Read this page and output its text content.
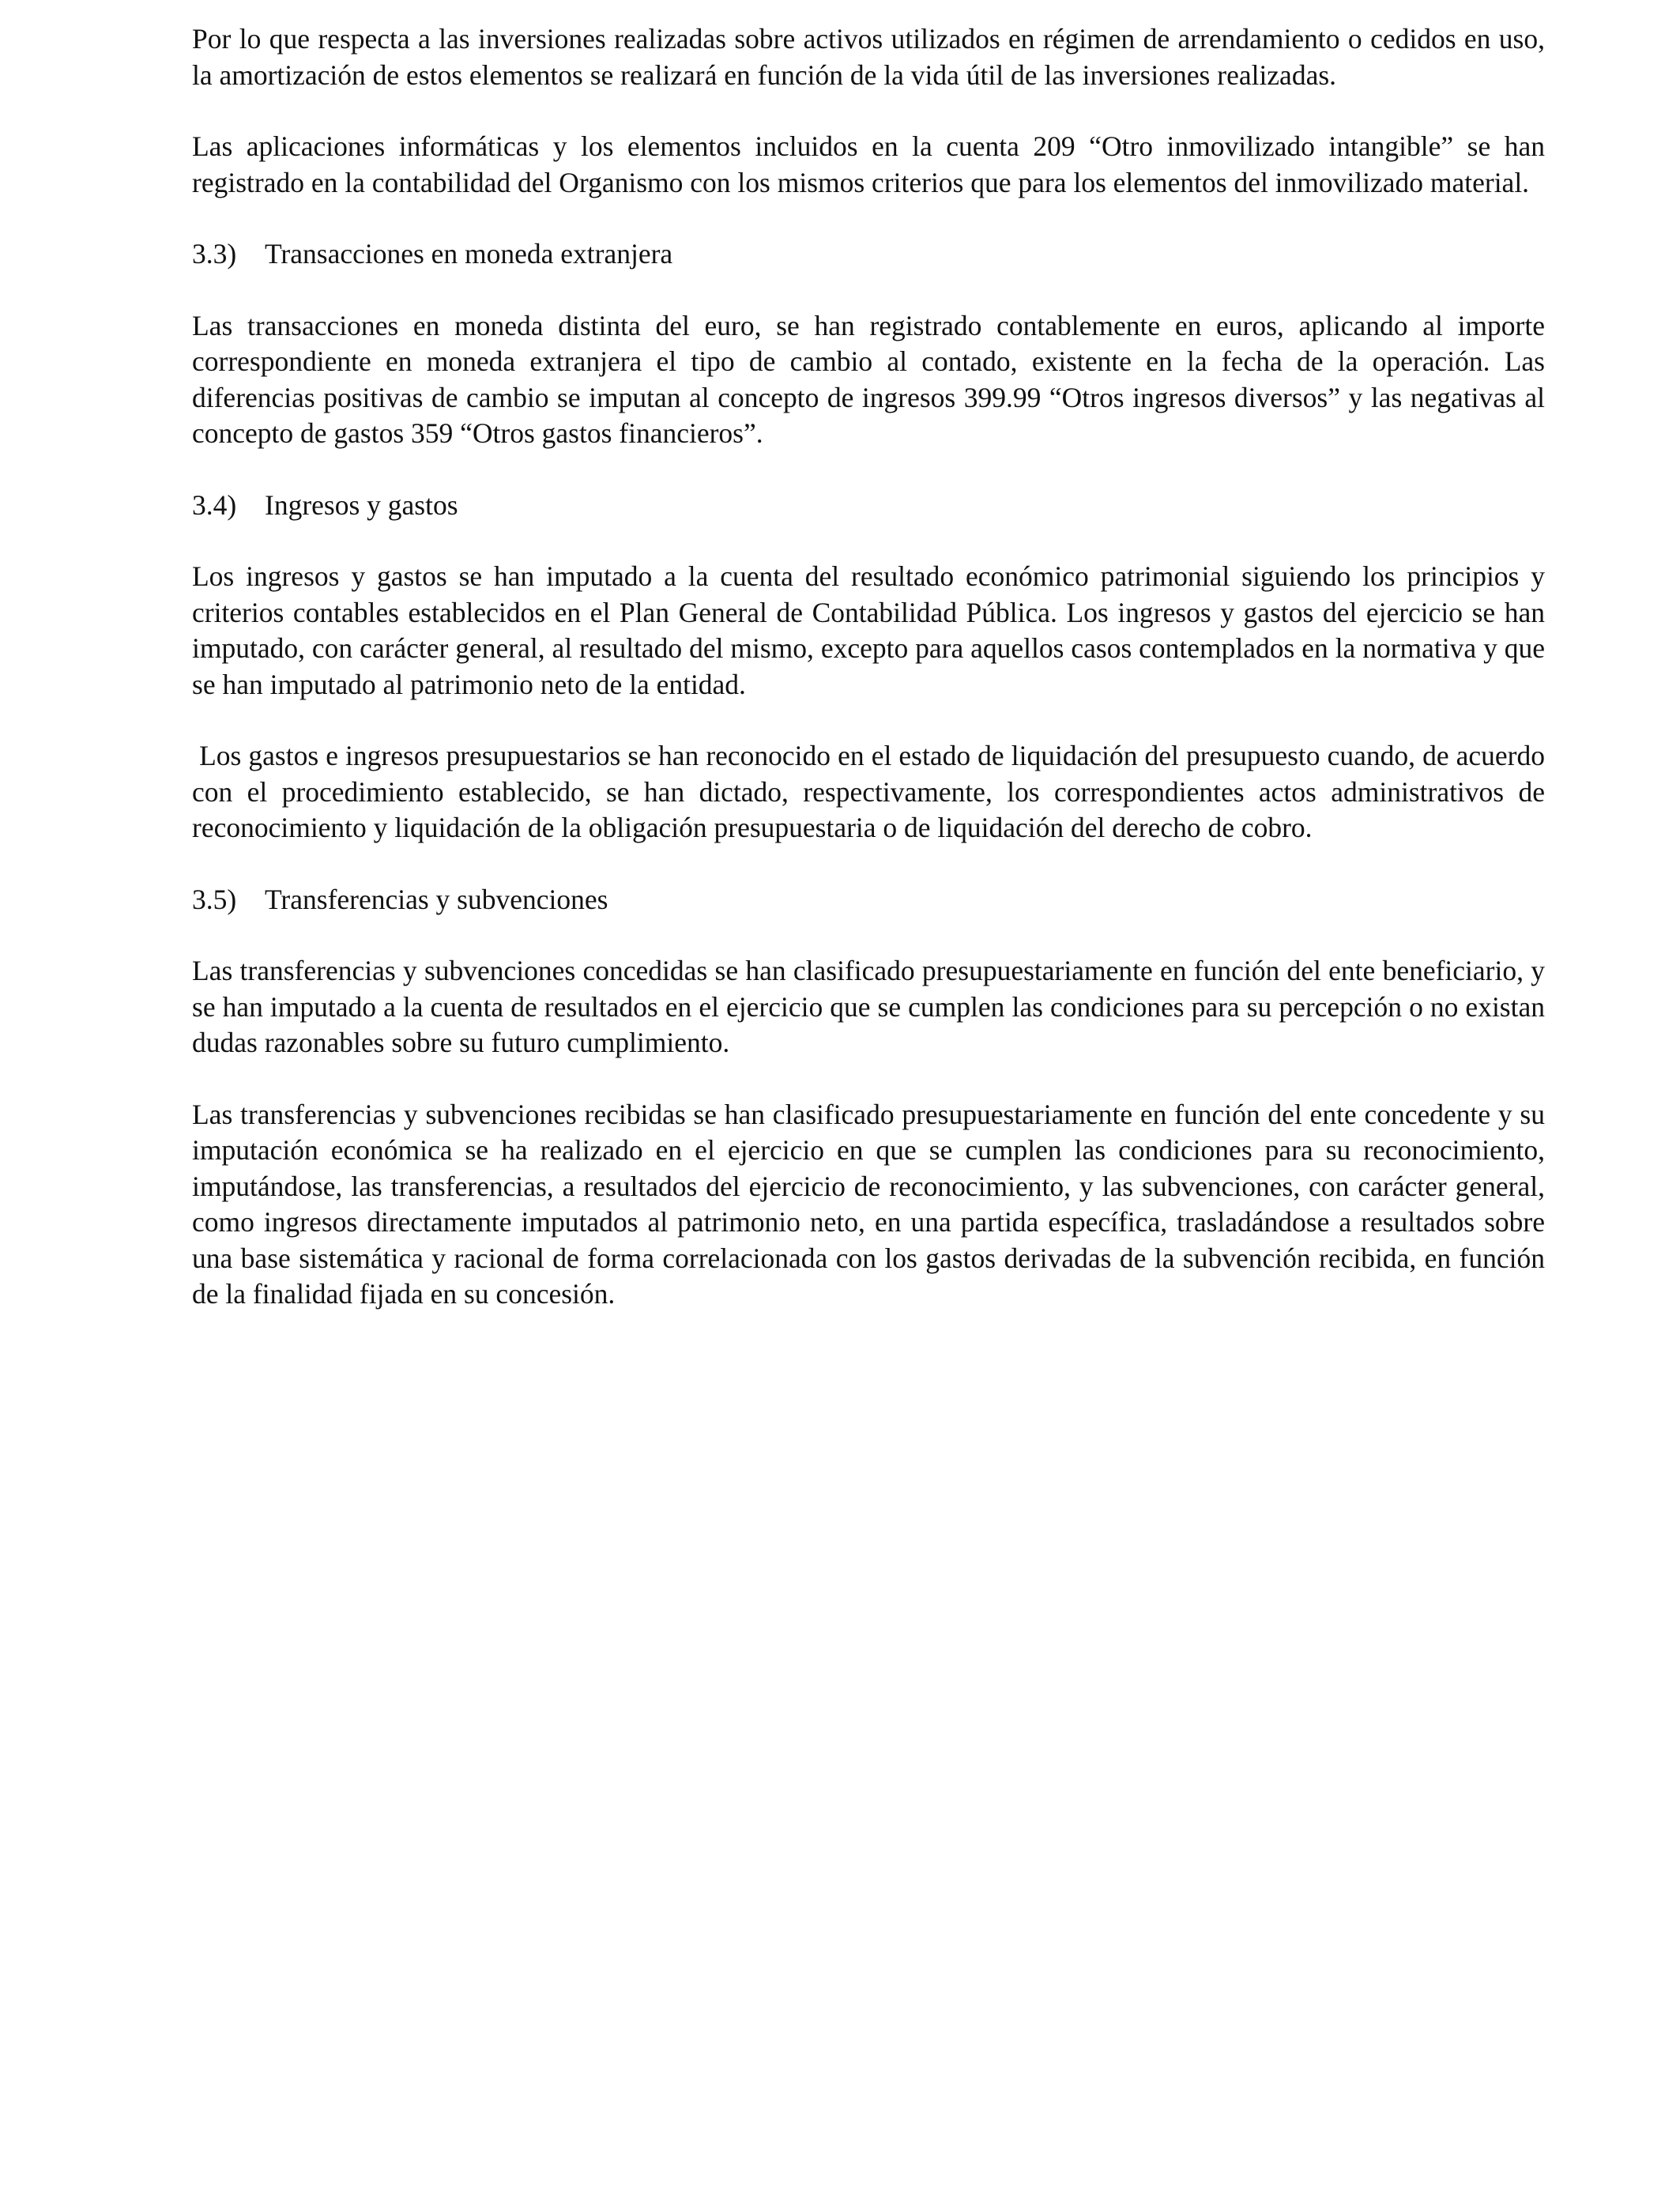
Por lo que respecta a las inversiones realizadas sobre activos utilizados en régimen de arrendamiento o cedidos en uso, la amortización de estos elementos se realizará en función de la vida útil de las inversiones realizadas.

Las aplicaciones informáticas y los elementos incluidos en la cuenta 209 “Otro inmovilizado intangible” se han registrado en la contabilidad del Organismo con los mismos criterios que para los elementos del inmovilizado material.

3.3)	Transacciones en moneda extranjera

Las transacciones en moneda distinta del euro, se han registrado contablemente en euros, aplicando al importe correspondiente en moneda extranjera el tipo de cambio al contado, existente en la fecha de la operación. Las diferencias positivas de cambio se imputan al concepto de ingresos 399.99 “Otros ingresos diversos” y las negativas al concepto de gastos 359 “Otros gastos financieros”.

3.4)	Ingresos y gastos

Los ingresos y gastos se han imputado a la cuenta del resultado económico patrimonial siguiendo los principios y criterios contables establecidos en el Plan General de Contabilidad Pública. Los ingresos y gastos del ejercicio se han imputado, con carácter general, al resultado del mismo, excepto para aquellos casos contemplados en la normativa y que se han imputado al patrimonio neto de la entidad.

Los gastos e ingresos presupuestarios se han reconocido en el estado de liquidación del presupuesto cuando, de acuerdo con el procedimiento establecido, se han dictado, respectivamente, los correspondientes actos administrativos de reconocimiento y liquidación de la obligación presupuestaria o de liquidación del derecho de cobro.

3.5)	Transferencias y subvenciones

Las transferencias y subvenciones concedidas se han clasificado presupuestariamente en función del ente beneficiario, y se han imputado a la cuenta de resultados en el ejercicio que se cumplen las condiciones para su percepción o no existan dudas razonables sobre su futuro cumplimiento.

Las transferencias y subvenciones recibidas se han clasificado presupuestariamente en función del ente concedente y su imputación económica se ha realizado en el ejercicio en que se cumplen las condiciones para su reconocimiento, imputándose, las transferencias, a resultados del ejercicio de reconocimiento, y las subvenciones, con carácter general, como ingresos directamente imputados al patrimonio neto, en una partida específica, trasladándose a resultados sobre una base sistemática y racional de forma correlacionada con los gastos derivadas de la subvención recibida, en función de la finalidad fijada en su concesión.
